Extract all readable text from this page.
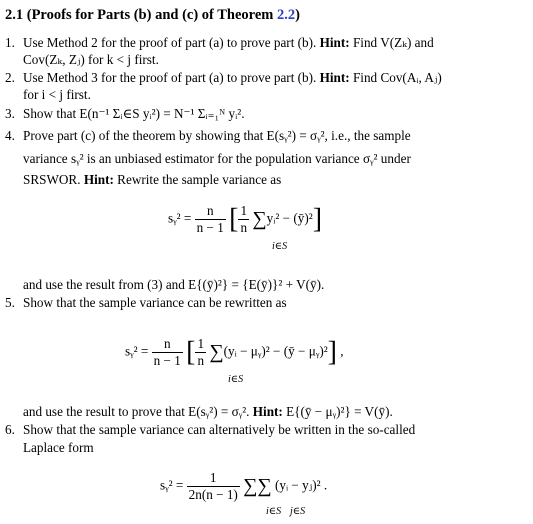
2.1 (Proofs for Parts (b) and (c) of Theorem 2.2)
1. Use Method 2 for the proof of part (a) to prove part (b). Hint: Find V(Zₖ) and
Cov(Zₖ, Zⱼ) for k < j first.
2. Use Method 3 for the proof of part (a) to prove part (b). Hint: Find Cov(Aᵢ, Aⱼ)
for i < j first.
3. Show that E(n⁻¹ Σᵢ∈S yᵢ²) = N⁻¹ Σᵢ₌₁ᴺ yᵢ².
4. Prove part (c) of the theorem by showing that E(sᵧ²) = σᵧ², i.e., the sample
variance sᵧ² is an unbiased estimator for the population variance σᵧ² under
SRSWOR. Hint: Rewrite the sample variance as
sᵧ² = $\frac{n}{n - 1}$ [ $\frac{1}{n}$ ∑yᵢ² − (ȳ)²]
i∈S
and use the result from (3) and E{(ȳ)²} = {E(ȳ)}² + V(ȳ).
5. Show that the sample variance can be rewritten as
sᵧ² = $\frac{n}{n - 1}$ [ $\frac{1}{n}$ ∑(yᵢ − μᵧ)² − (ȳ − μᵧ)²] ,
i∈S
and use the result to prove that E(sᵧ²) = σᵧ². Hint: E{(ȳ − μᵧ)²} = V(ȳ).
6. Show that the sample variance can alternatively be written in the so-called
Laplace form
sᵧ² = $\frac{1}{2n(n - 1)}$ ∑∑ (yᵢ − yⱼ)² .
i∈S j∈S
